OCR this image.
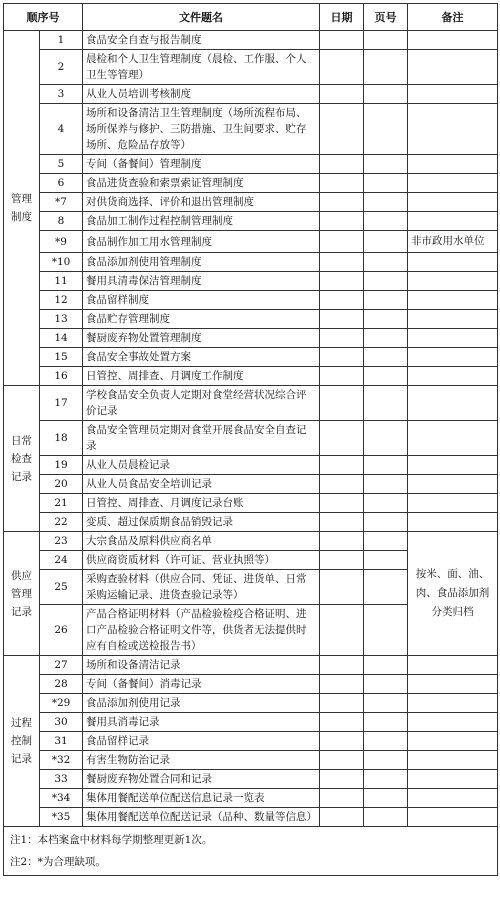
顺序号		文件题名	日期	页号	备注
管理
制度	1	食品安全自查与报告制度			
	2	晨检和个人卫生管理制度（晨检、工作服、个人卫生等管理）			
	3	从业人员培训考核制度			
	4	场所和设备清洁卫生管理制度（场所流程布局、场所保养与修护、三防措施、卫生间要求、贮存场所、危险品存放等）			
	5	专间（备餐间）管理制度			
	6	食品进货查验和索票索证管理制度			
	*7	对供货商选择、评价和退出管理制度			
	8	食品加工制作过程控制管理制度			
	*9	食品制作加工用水管理制度			非市政用水单位
	*10	食品添加剂使用管理制度			
	11	餐用具清毒保洁管理制度			
	12	食品留样制度			
	13	食品贮存管理制度			
	14	餐厨废弃物处置管理制度			
	15	食品安全事故处置方案			
	16	日管控、周排查、月调度工作制度			
日常
检查
记录	17	学校食品安全负责人定期对食堂经营状况综合评价记录			
	18	食品安全管理员定期对食堂开展食品安全自查记录			
	19	从业人员晨检记录			
	20	从业人员食品安全培训记录			
	21	日管控、周排查、月调度记录台账			
	22	变质、超过保质期食品销毁记录			
供应
管理
记录	23	大宗食品及原料供应商名单			按米、面、油、肉、食品添加剂分类归档
	24	供应商资质材料（许可证、营业执照等）			
	25	采购查验材料（供应合同、凭证、进货单、日常采购运输记录、进货查验记录等）			
	26	产品合格证明材料（产品检验检疫合格证明、进口产品检验合格证明文件等，供货者无法提供时应有自检或送检报告书）			
过程
控制
记录	27	场所和设备清洁记录			
	28	专间（备餐间）消毒记录			
	*29	食品添加剂使用记录			
	30	餐用具消毒记录			
	31	食品留样记录			
	*32	有害生物防治记录			
	33	餐厨废弃物处置合同和记录			
	*34	集体用餐配送单位配送信息记录一览表			
	*35	集体用餐配送单位配送记录（品种、数量等信息）			

注1：本档案盒中材料每学期整理更新1次。
注2：*为合理缺项。					
